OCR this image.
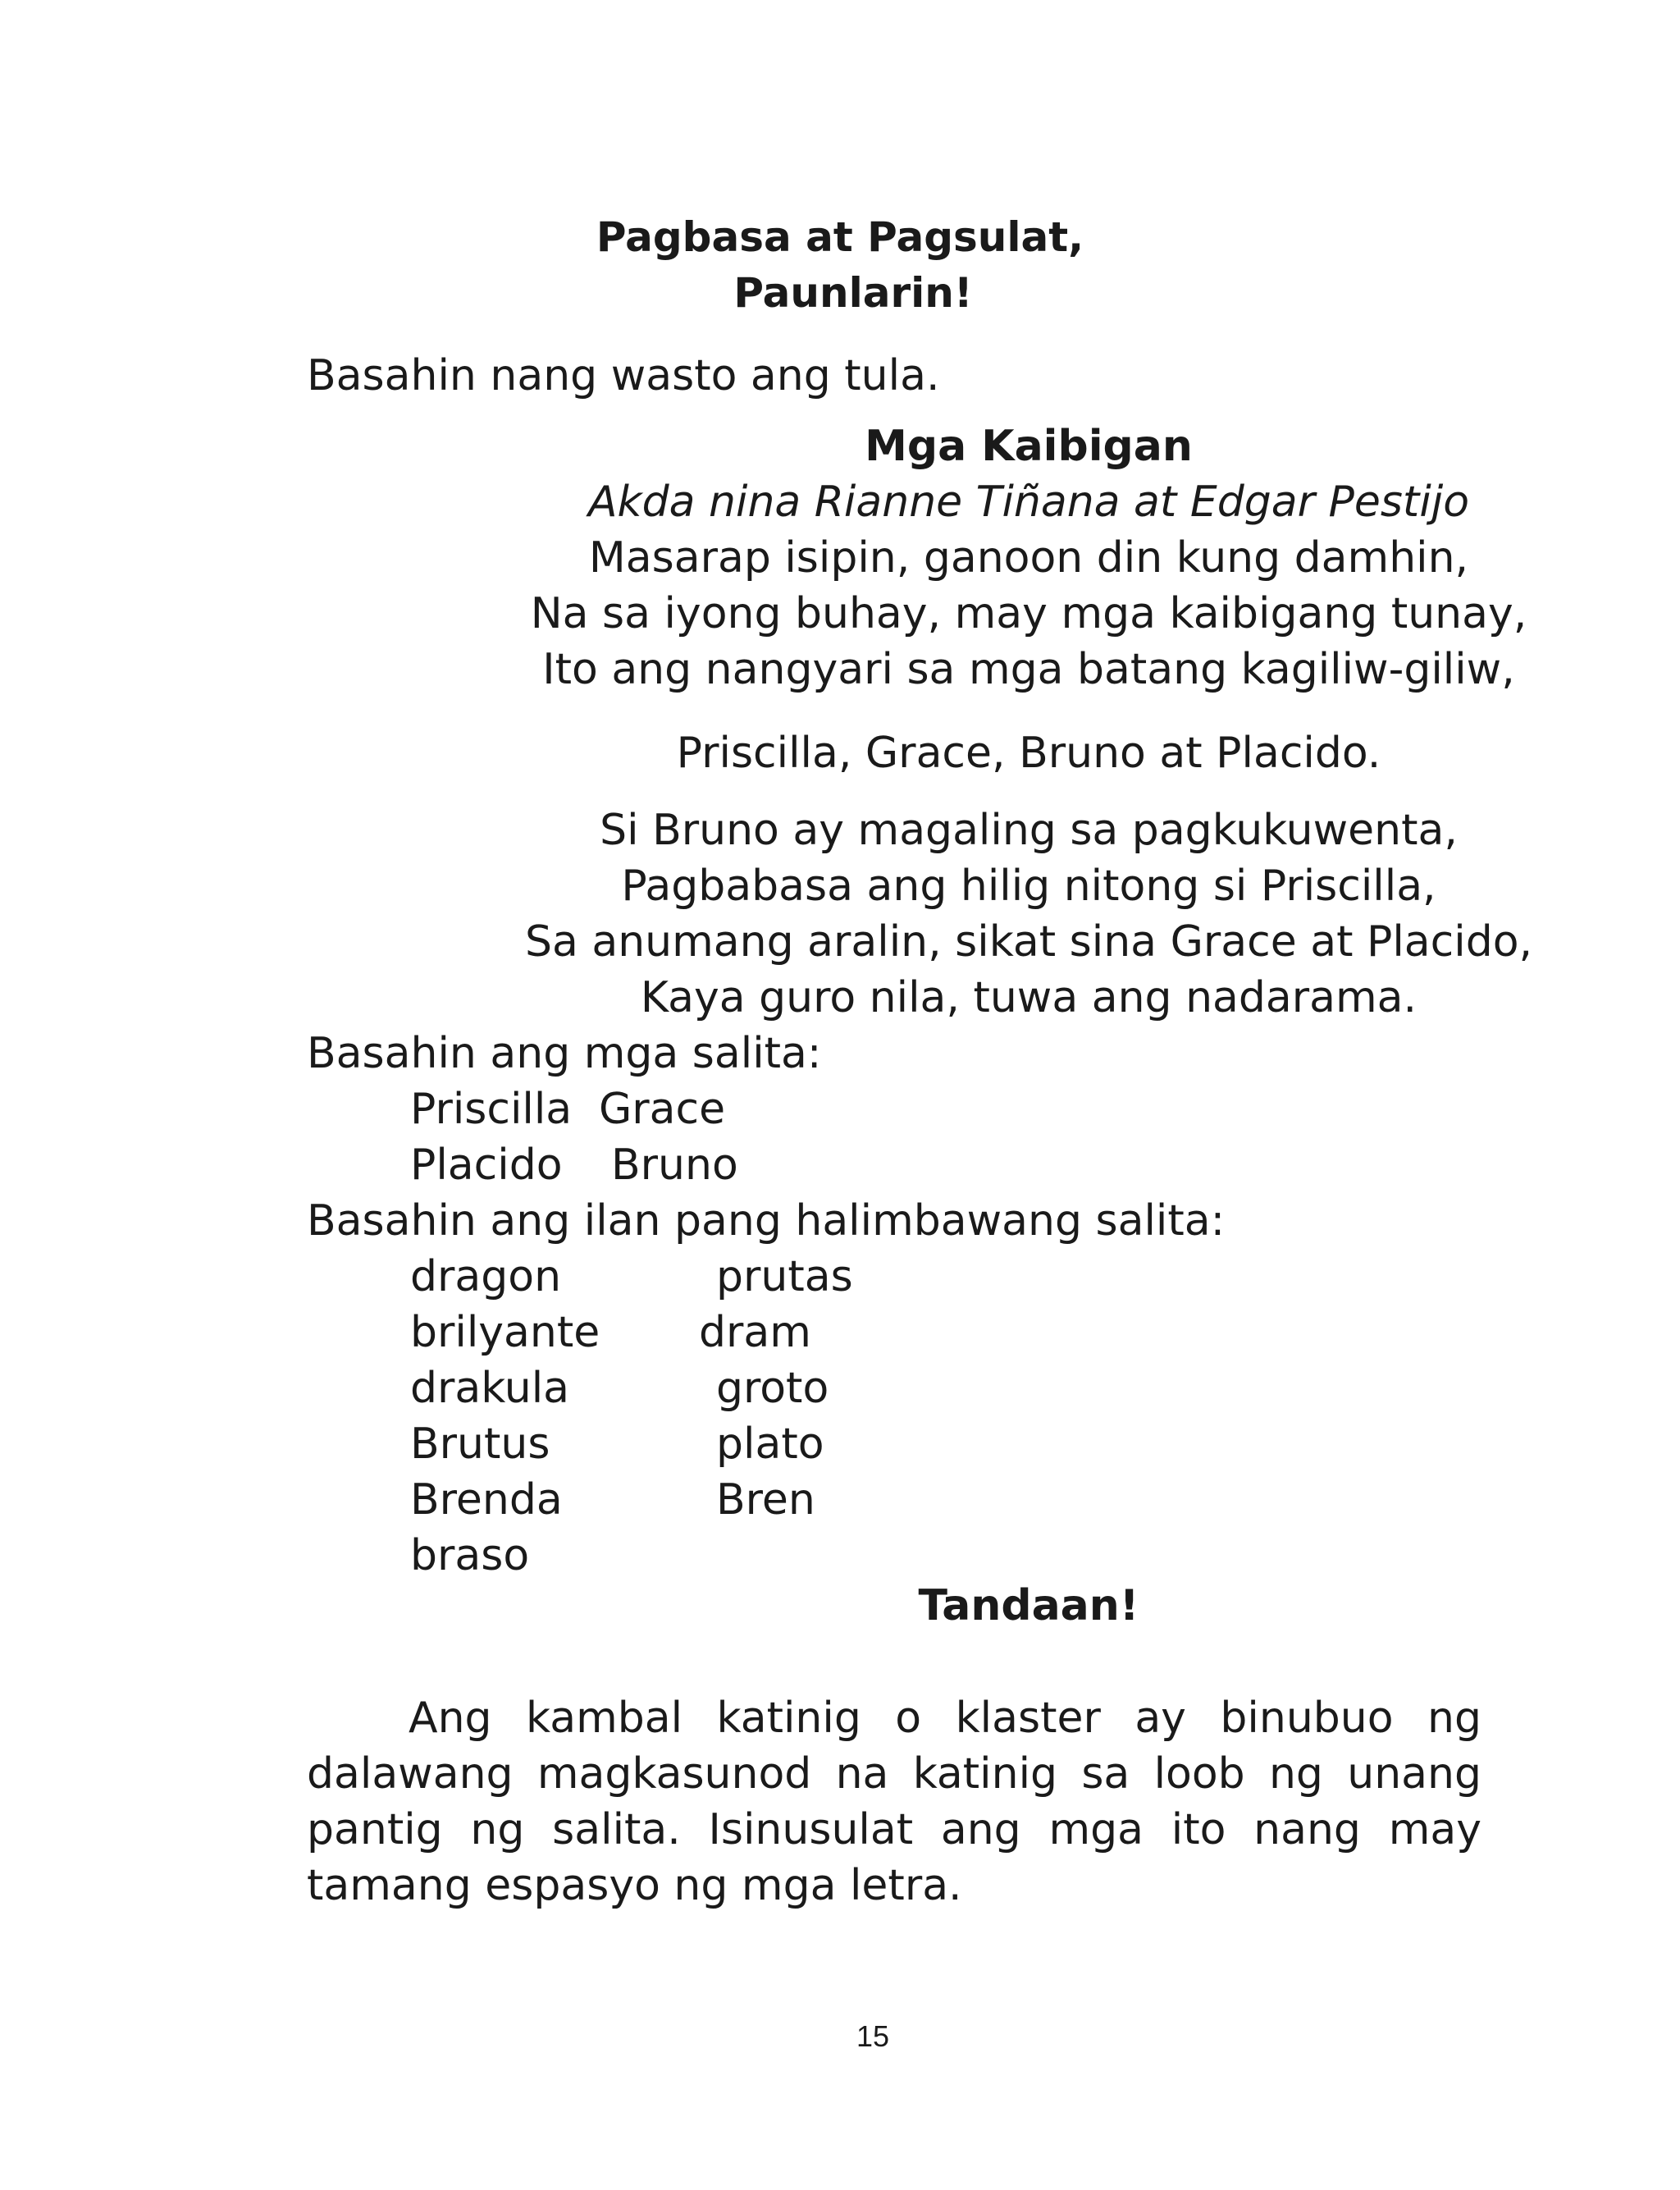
Pagbasa at Pagsulat,
Paunlarin!
Basahin nang wasto ang tula.
Mga Kaibigan
Akda nina Rianne Tiñana at Edgar Pestijo
Masarap isipin, ganoon din kung damhin,
Na sa iyong buhay, may mga kaibigang tunay,
Ito ang nangyari sa mga batang kagiliw-giliw,
Priscilla, Grace, Bruno at Placido.
Si Bruno ay magaling sa pagkukuwenta,
Pagbabasa ang hilig nitong si Priscilla,
Sa anumang aralin, sikat sina Grace at Placido,
Kaya guro nila, tuwa ang nadarama.
Basahin ang mga salita:
Priscilla Grace
Placido Bruno
Basahin ang ilan pang halimbawang salita:
dragon	prutas
brilyante dram
drakula	groto
Brutus	plato
Brenda	Bren
braso
Tandaan!
Ang kambal katinig o klaster ay binubuo ng
dalawang magkasunod na katinig sa loob ng unang
pantig ng salita. Isinusulat ang mga ito nang may
tamang espasyo ng mga letra.
15
